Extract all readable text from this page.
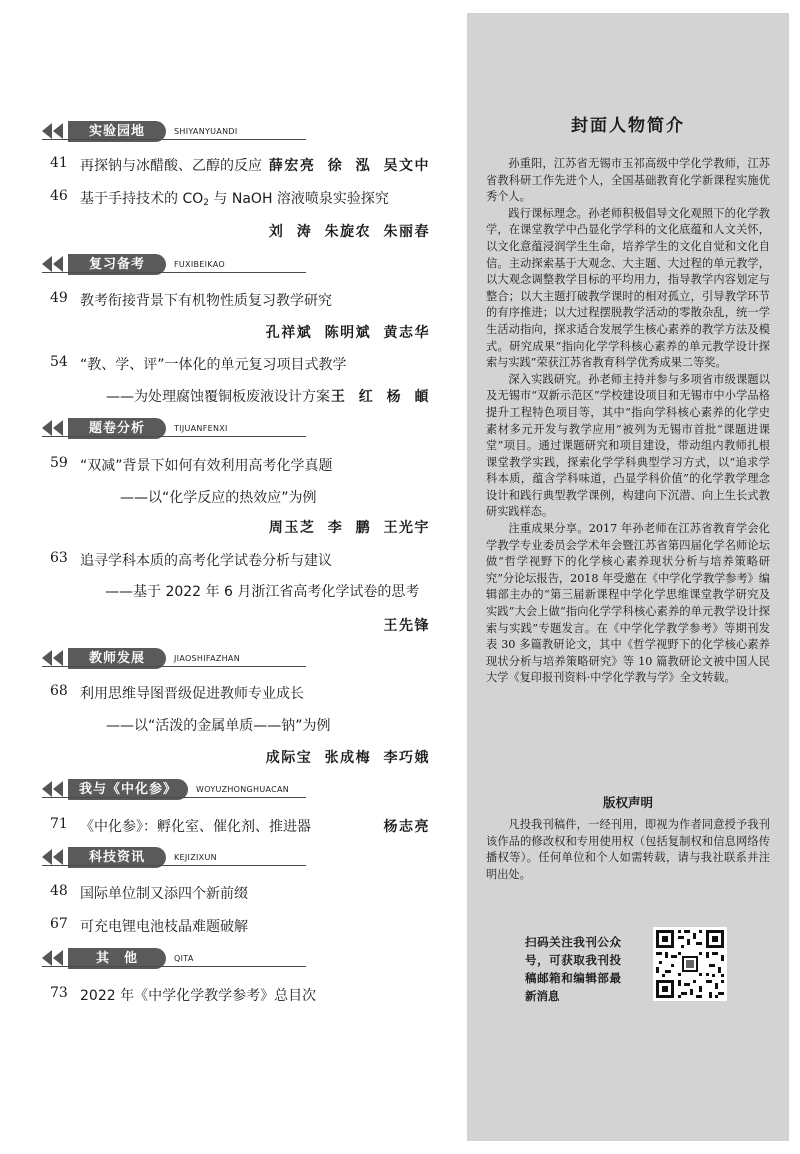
实验园地	SHIYANYUANDI
41 再探钠与冰醋酸、乙醇的反应 薛宏亮 徐 泓 吴文中
46 基于手持技术的 $CO_2$ 与 NaOH 溶液喷泉实验探究
刘 涛 朱旋农 朱丽春
复习备考	FUXIBEIKAO
49 教考衔接背景下有机物性质复习教学研究
孔祥斌 陈明斌 黄志华
54 “教、学、评”一体化的单元复习项目式教学
——为处理腐蚀覆铜板废液设计方案 王 红 杨 頔
题卷分析	TIJUANFENXI
59 “双减”背景下如何有效利用高考化学真题
——以“化学反应的热效应”为例
周玉芝 李 鹏 王光宇
63 追寻学科本质的高考化学试卷分析与建议
——基于 2022 年 6 月浙江省高考化学试卷的思考
王先锋
教师发展	JIAOSHIFAZHAN
68 利用思维导图晋级促进教师专业成长
——以“活泼的金属单质——钠”为例
成际宝 张成梅 李巧娥
我与《中化参》	WOYUZHONGHUACAN
71 《中化参》：孵化室、催化剂、推进器	杨志亮
科技资讯	KEJIZIXUN
48 国际单位制又添四个新前缀
67 可充电锂电池枝晶难题破解
其　他	QITA
73 2022 年《中学化学教学参考》总目次
封面人物简介

孙重阳，江苏省无锡市玉祁高级中学化学教师，江苏省教科研工作先进个人，全国基础教育化学新课程实施优秀个人。

践行课标理念。孙老师积极倡导文化观照下的化学教学，在课堂教学中凸显化学学科的文化底蕴和人文关怀，以文化意蕴浸润学生生命，培养学生的文化自觉和文化自信。主动探索基于大观念、大主题、大过程的单元教学，以大观念调整教学目标的平均用力，指导教学内容划定与整合；以大主题打破教学课时的相对孤立，引导教学环节的有序推进；以大过程摆脱教学活动的零散杂乱，统一学生活动指向，探求适合发展学生核心素养的教学方法及模式。研究成果“指向化学学科核心素养的单元教学设计探索与实践”荣获江苏省教育科学优秀成果二等奖。

深入实践研究。孙老师主持并参与多项省市级课题以及无锡市“双新示范区”学校建设项目和无锡市中小学品格提升工程特色项目等，其中“指向学科核心素养的化学史素材多元开发与教学应用”被列为无锡市首批“课题进课堂”项目。通过课题研究和项目建设，带动组内教师扎根课堂教学实践，探索化学学科典型学习方式，以“追求学科本质，蕴含学科味道，凸显学科价值”的化学教学理念设计和践行典型教学课例，构建向下沉潜、向上生长式教研实践样态。

注重成果分享。2017 年孙老师在江苏省教育学会化学教学专业委员会学术年会暨江苏省第四届化学名师论坛做“哲学视野下的化学核心素养现状分析与培养策略研究”分论坛报告，2018 年受邀在《中学化学教学参考》编辑部主办的“第三届新课程中学化学思维课堂教学研究及实践”大会上做“指向化学学科核心素养的单元教学设计探索与实践”专题发言。在《中学化学教学参考》等期刊发表 30 多篇教研论文，其中《哲学视野下的化学核心素养现状分析与培养策略研究》等 10 篇教研论文被中国人民大学《复印报刊资料·中学化学教与学》全文转载。

版权声明
凡投我刊稿件，一经刊用，即视为作者同意授予我刊该作品的修改权和专用使用权（包括复制权和信息网络传播权等）。任何单位和个人如需转载，请与我社联系并注明出处。
扫码关注我刊公众号，可获取我刊投稿邮箱和编辑部最新消息
